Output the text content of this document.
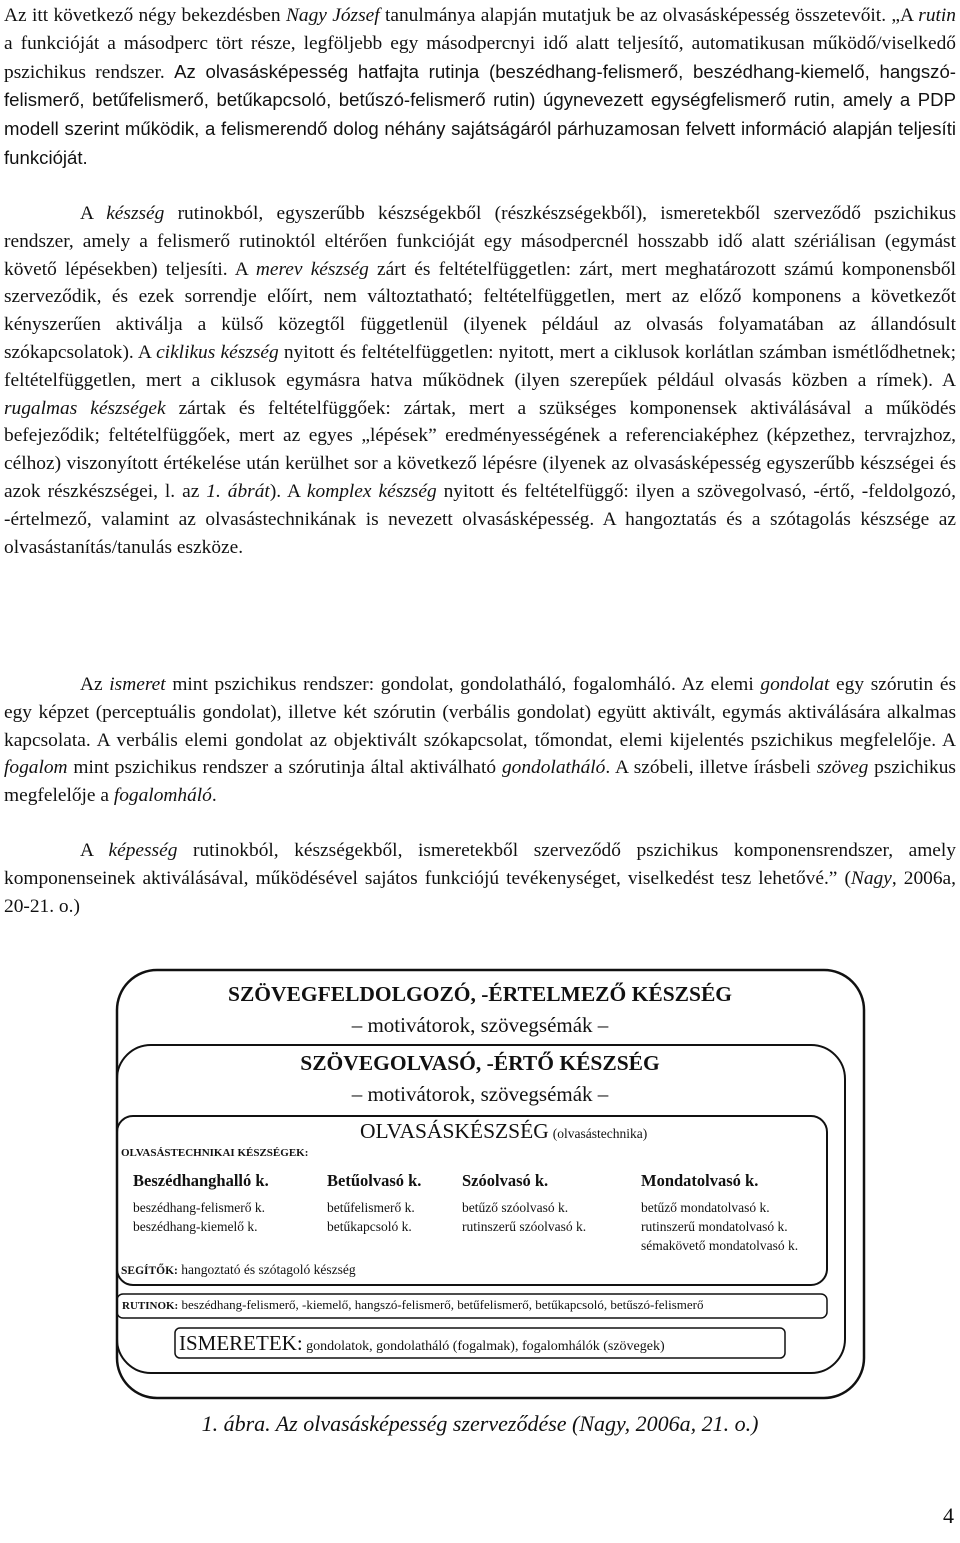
Az itt következő négy bekezdésben Nagy József tanulmánya alapján mutatjuk be az olvasásképesség összetevőit. „A rutin a funkcióját a másodperc tört része, legföljebb egy másodpercnyi idő alatt teljesítő, automatikusan működő/viselkedő pszichikus rendszer. Az olvasásképesség hatfajta rutinja (beszédhang-felismerő, beszédhang-kiemelő, hangszó-felismerő, betűfelismerő, betűkapcsoló, betűszó-felismerő rutin) úgynevezett egységfelismerő rutin, amely a PDP modell szerint működik, a felismerendő dolog néhány sajátságáról párhuzamosan felvett információ alapján teljesíti funkcióját.

A készség rutinokból, egyszerűbb készségekből (részkészségekből), ismeretekből szerveződő pszichikus rendszer, amely a felismerő rutinoktól eltérően funkcióját egy másodpercnél hosszabb idő alatt szériálisan (egymást követő lépésekben) teljesíti. A merev készség zárt és feltételfüggetlen: zárt, mert meghatározott számú komponensből szerveződik, és ezek sorrendje előírt, nem változtatható; feltételfüggetlen, mert az előző komponens a következőt kényszerűen aktiválja a külső közegtől függetlenül (ilyenek például az olvasás folyamatában az állandósult szókapcsolatok). A ciklikus készség nyitott és feltételfüggetlen: nyitott, mert a ciklusok korlátlan számban ismétlődhetnek; feltételfüggetlen, mert a ciklusok egymásra hatva működnek (ilyen szerepűek például olvasás közben a rímek). A rugalmas készségek zártak és feltételfüggőek: zártak, mert a szükséges komponensek aktiválásával a működés befejeződik; feltételfüggőek, mert az egyes „lépések” eredményességének a referenciaképhez (képzethez, tervrajzhoz, célhoz) viszonyított értékelése után kerülhet sor a következő lépésre (ilyenek az olvasásképesség egyszerűbb készségei és azok részkészségei, l. az 1. ábrát). A komplex készség nyitott és feltételfüggő: ilyen a szövegolvasó, -értő, -feldolgozó, -értelmező, valamint az olvasástechnikának is nevezett olvasásképesség. A hangoztatás és a szótagolás készsége az olvasástanítás/tanulás eszköze.

Az ismeret mint pszichikus rendszer: gondolat, gondolatháló, fogalomháló. Az elemi gondolat egy szórutin és egy képzet (perceptuális gondolat), illetve két szórutin (verbális gondolat) együtt aktivált, egymás aktiválására alkalmas kapcsolata. A verbális elemi gondolat az objektivált szókapcsolat, tőmondat, elemi kijelentés pszichikus megfelelője. A fogalom mint pszichikus rendszer a szórutinja által aktiválható gondolatháló. A szóbeli, illetve írásbeli szöveg pszichikus megfelelője a fogalomháló.

A képesség rutinokból, készségekből, ismeretekből szerveződő pszichikus komponensrendszer, amely komponenseinek aktiválásával, működésével sajátos funkciójú tevékenységet, viselkedést tesz lehetővé.” (Nagy, 2006a, 20-21. o.)

SZÖVEGFELDOLGOZÓ, -ÉRTELMEZŐ KÉSZSÉG
– motivátorok, szövegsémák –
SZÖVEGOLVASÓ, -ÉRTŐ KÉSZSÉG
– motivátorok, szövegsémák –
OLVASÁSKÉSZSÉG (olvasástechnika)
OLVASÁSTECHNIKAI KÉSZSÉGEK:
Beszédhanghalló k.	Betűolvasó k. Szóolvasó k.	Mondatolvasó k.
beszédhang-felismerő k.
beszédhang-kiemelő k.
betűfelismerő k.
betűkapcsoló k.
betűző szóolvasó k.
rutinszerű szóolvasó k.
betűző mondatolvasó k.
rutinszerű mondatolvasó k.
sémakövető mondatolvasó k.
SEGÍTŐK: hangoztató és szótagoló készség
RUTINOK: beszédhang-felismerő, -kiemelő, hangszó-felismerő, betűfelismerő, betűkapcsoló, betűszó-felismerő
ISMERETEK: gondolatok, gondolatháló (fogalmak), fogalomhálók (szövegek)
1. ábra. Az olvasásképesség szerveződése (Nagy, 2006a, 21. o.)
4
